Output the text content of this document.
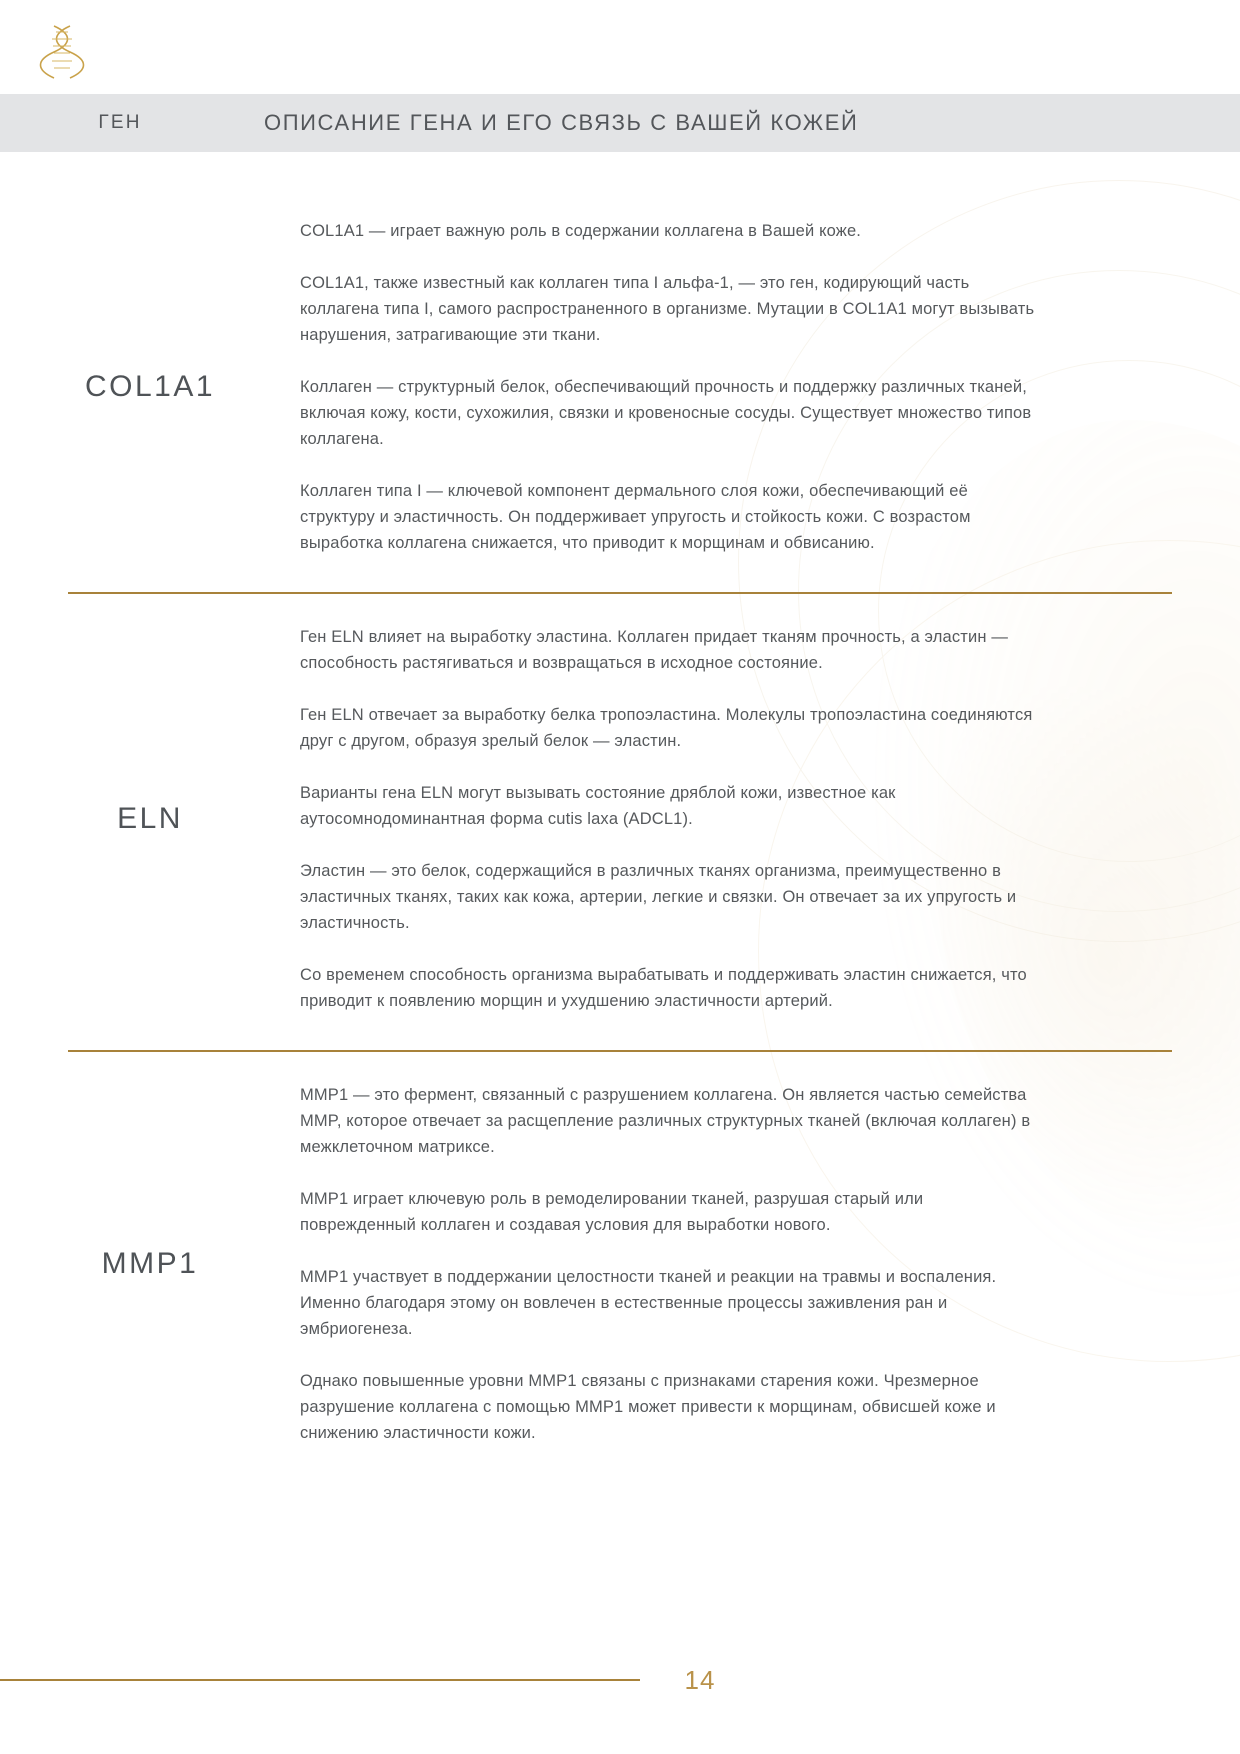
ГЕН	ОПИСАНИЕ ГЕНА И ЕГО СВЯЗЬ С ВАШЕЙ КОЖЕЙ
COL1A1

COL1A1 — играет важную роль в содержании коллагена в Вашей коже.

COL1A1, также известный как коллаген типа I альфа-1, — это ген, кодирующий часть коллагена типа I, самого распространенного в организме. Мутации в COL1A1 могут вызывать нарушения, затрагивающие эти ткани.

Коллаген — структурный белок, обеспечивающий прочность и поддержку различных тканей, включая кожу, кости, сухожилия, связки и кровеносные сосуды. Существует множество типов коллагена.

Коллаген типа I — ключевой компонент дермального слоя кожи, обеспечивающий её структуру и эластичность. Он поддерживает упругость и стойкость кожи. С возрастом выработка коллагена снижается, что приводит к морщинам и обвисанию.

ELN

Ген ELN влияет на выработку эластина. Коллаген придает тканям прочность, а эластин — способность растягиваться и возвращаться в исходное состояние.

Ген ELN отвечает за выработку белка тропоэластина. Молекулы тропоэластина соединяются друг с другом, образуя зрелый белок — эластин.

Варианты гена ELN могут вызывать состояние дряблой кожи, известное как аутосомнодоминантная форма cutis laxa (ADCL1).

Эластин — это белок, содержащийся в различных тканях организма, преимущественно в эластичных тканях, таких как кожа, артерии, легкие и связки. Он отвечает за их упругость и эластичность.

Со временем способность организма вырабатывать и поддерживать эластин снижается, что приводит к появлению морщин и ухудшению эластичности артерий.

MMP1

MMP1 — это фермент, связанный с разрушением коллагена. Он является частью семейства MMP, которое отвечает за расщепление различных структурных тканей (включая коллаген) в межклеточном матриксе.

MMP1 играет ключевую роль в ремоделировании тканей, разрушая старый или поврежденный коллаген и создавая условия для выработки нового.

MMP1 участвует в поддержании целостности тканей и реакции на травмы и воспаления. Именно благодаря этому он вовлечен в естественные процессы заживления ран и эмбриогенеза.

Однако повышенные уровни MMP1 связаны с признаками старения кожи. Чрезмерное разрушение коллагена с помощью MMP1 может привести к морщинам, обвисшей коже и снижению эластичности кожи.

14
